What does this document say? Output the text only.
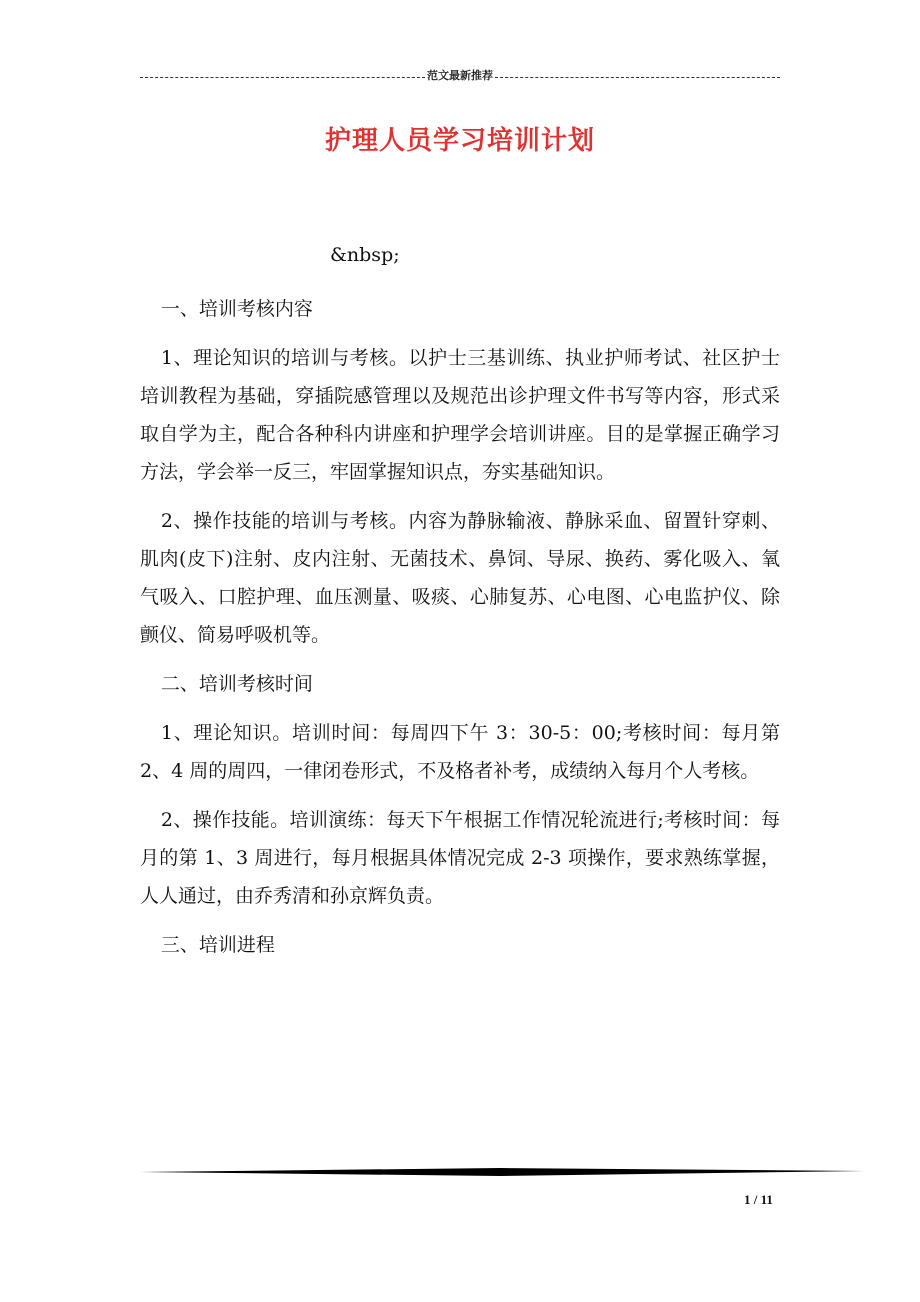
范文最新推荐
护理人员学习培训计划

&nbsp;

一、培训考核内容

1、理论知识的培训与考核。以护士三基训练、执业护师考试、社区护士培训教程为基础，穿插院感管理以及规范出诊护理文件书写等内容，形式采取自学为主，配合各种科内讲座和护理学会培训讲座。目的是掌握正确学习方法，学会举一反三，牢固掌握知识点，夯实基础知识。

2、操作技能的培训与考核。内容为静脉输液、静脉采血、留置针穿刺、肌肉(皮下)注射、皮内注射、无菌技术、鼻饲、导尿、换药、雾化吸入、氧气吸入、口腔护理、血压测量、吸痰、心肺复苏、心电图、心电监护仪、除颤仪、简易呼吸机等。

二、培训考核时间

1、理论知识。培训时间：每周四下午 3：30-5：00;考核时间：每月第 2、4 周的周四，一律闭卷形式，不及格者补考，成绩纳入每月个人考核。

2、操作技能。培训演练：每天下午根据工作情况轮流进行;考核时间：每月的第 1、3 周进行，每月根据具体情况完成 2-3 项操作，要求熟练掌握，人人通过，由乔秀清和孙京辉负责。

三、培训进程

1 / 11
